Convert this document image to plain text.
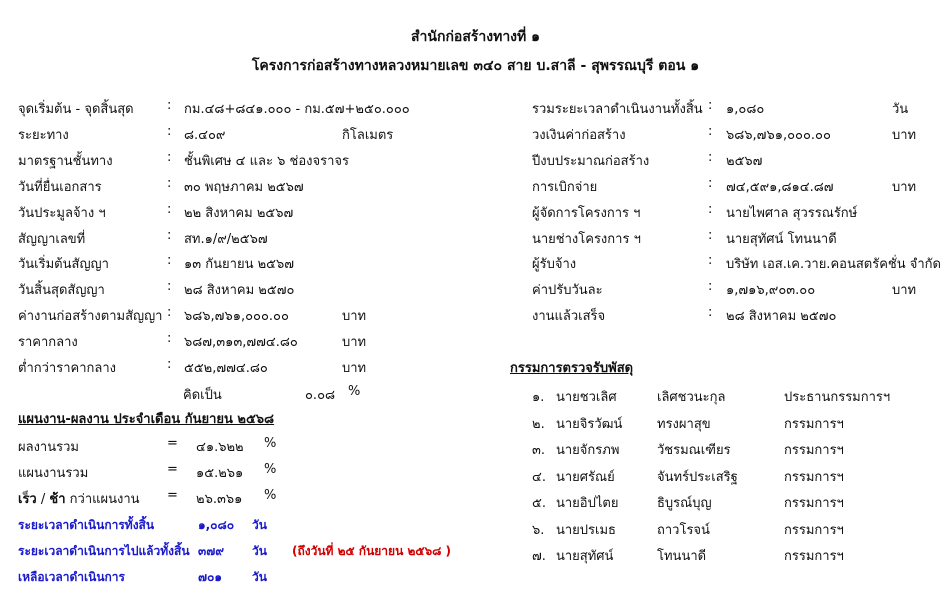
สำนักก่อสร้างทางที่ ๑
โครงการก่อสร้างทางหลวงหมายเลข ๓๔๐ สาย บ.สาลี - สุพรรณบุรี ตอน ๑
จุดเริ่มต้น - จุดสิ้นสุด	: กม.๔๘+๘๔๑.๐๐๐ - กม.๕๗+๒๕๐.๐๐๐
ระยะทาง	: ๘.๔๐๙	กิโลเมตร
มาตรฐานชั้นทาง	: ชั้นพิเศษ ๔ และ ๖ ช่องจราจร
วันที่ยื่นเอกสาร	: ๓๐ พฤษภาคม ๒๕๖๗
วันประมูลจ้าง ฯ	: ๒๒ สิงหาคม ๒๕๖๗
สัญญาเลขที่	: สท.๑/๙/๒๕๖๗
วันเริ่มต้นสัญญา	: ๑๓ กันยายน ๒๕๖๗
วันสิ้นสุดสัญญา	: ๒๘ สิงหาคม ๒๕๗๐
ค่างานก่อสร้างตามสัญญา : ๖๘๖,๗๖๑,๐๐๐.๐๐	บาท
ราคากลาง	: ๖๘๗,๓๑๓,๗๗๔.๘๐	บาท
ต่ำกว่าราคากลาง	: ๕๕๒,๗๗๔.๘๐	บาท
คิดเป็น	๐.๐๘ %
รวมระยะเวลาดำเนินงานทั้งสิ้น : ๑,๐๘๐	วัน
วงเงินค่าก่อสร้าง	: ๖๘๖,๗๖๑,๐๐๐.๐๐	บาท
ปีงบประมาณก่อสร้าง	: ๒๕๖๗
การเบิกจ่าย	: ๗๔,๕๙๑,๘๑๔.๘๗	บาท
ผู้จัดการโครงการ ฯ	: นายไพศาล สุวรรณรักษ์
นายช่างโครงการ ฯ	: นายสุทัศน์ โทนนาดี
ผู้รับจ้าง	: บริษัท เอส.เค.วาย.คอนสตรัคชั่น จำกัด
ค่าปรับวันละ	: ๑,๗๑๖,๙๐๓.๐๐	บาท
งานแล้วเสร็จ	: ๒๘ สิงหาคม ๒๕๗๐
แผนงาน-ผลงาน ประจำเดือน กันยายน ๒๕๖๘
ผลงานรวม	= ๔๑.๖๒๒ %
แผนงานรวม	= ๑๕.๒๖๑ %
เร็ว / ช้า กว่าแผนงาน = ๒๖.๓๖๑ %
ระยะเวลาดำเนินการทั้งสิ้น	๑,๐๘๐ วัน
ระยะเวลาดำเนินการไปแล้วทั้งสิ้น ๓๗๙ วัน (ถึงวันที่ ๒๕ กันยายน ๒๕๖๘ )
เหลือเวลาดำเนินการ	๗๐๑	วัน
กรรมการตรวจรับพัสดุ
๑. นายชวเลิศ	เลิศชวนะกุล	ประธานกรรมการฯ
๒. นายจิรวัฒน์	ทรงผาสุข	กรรมการฯ
๓. นายจักรภพ	วัชรมณเฑียร	กรรมการฯ
๔. นายศรัณย์	จันทร์ประเสริฐ	กรรมการฯ
๕. นายอิปไตย	ธิบูรณ์บุญ	กรรมการฯ
๖. นายปรเมธ	ถาวโรจน์	กรรมการฯ
๗. นายสุทัศน์	โทนนาดี	กรรมการฯ
